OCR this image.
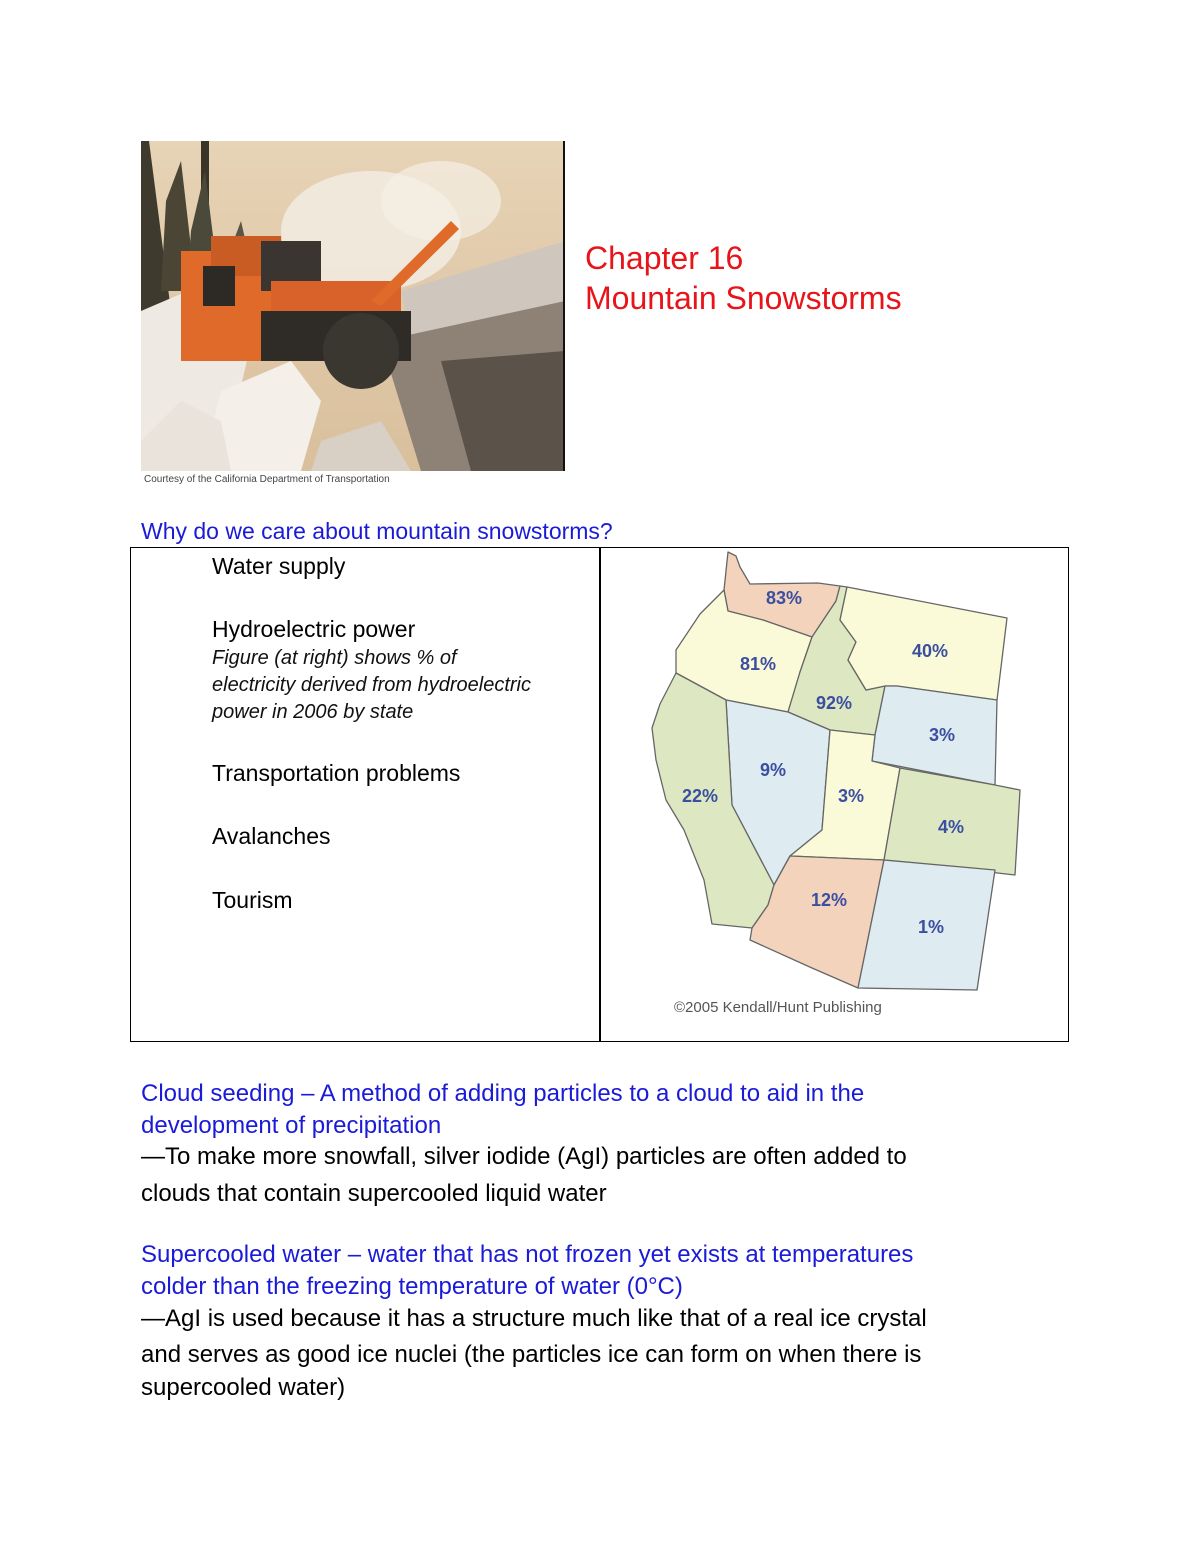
Courtesy of the California Department of Transportation
Chapter 16
Mountain Snowstorms
Why do we care about mountain snowstorms?
Water supply
Hydroelectric power
Figure (at right) shows % of
electricity derived from hydroelectric
power in 2006 by state
Transportation problems
Avalanches
Tourism
83%
81%
92%
40%
3%
9%
3%
4%
22%
12%
1%
©2005 Kendall/Hunt Publishing
Cloud seeding – A method of adding particles to a cloud to aid in the
development of precipitation
—To make more snowfall, silver iodide (AgI) particles are often added to
clouds that contain supercooled liquid water
Supercooled water – water that has not frozen yet exists at temperatures
colder than the freezing temperature of water (0°C)
—AgI is used because it has a structure much like that of a real ice crystal
and serves as good ice nuclei (the particles ice can form on when there is
supercooled water)
